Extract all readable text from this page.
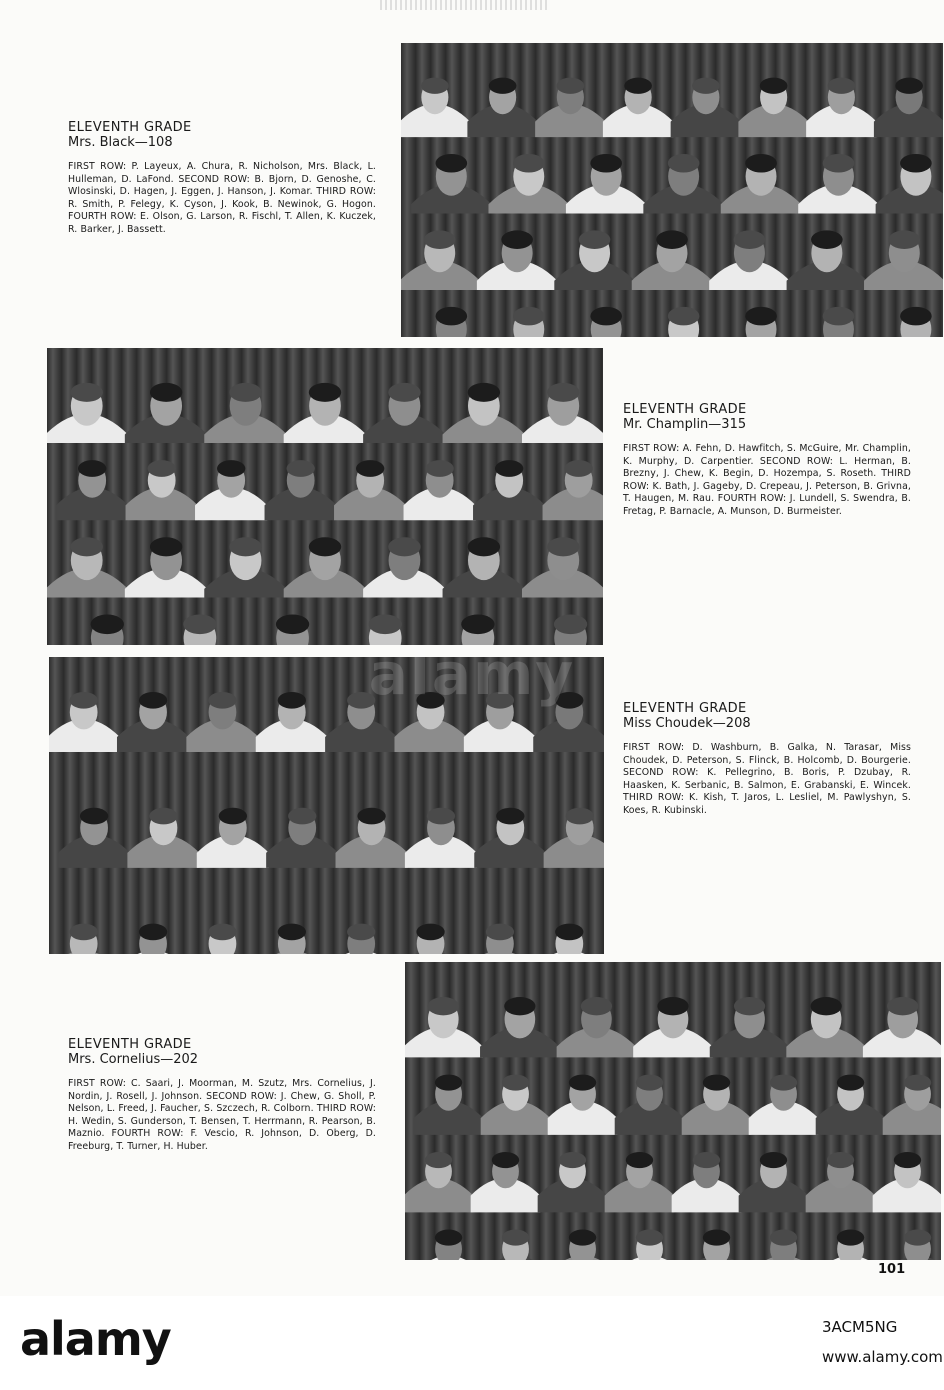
ELEVENTH GRADE
Mrs. Black—108
FIRST ROW: P. Layeux, A. Chura, R. Nicholson, Mrs. Black, L. Hulleman, D. LaFond. SECOND ROW: B. Bjorn, D. Genoshe, C. Wlosinski, D. Hagen, J. Eggen, J. Hanson, J. Komar. THIRD ROW: R. Smith, P. Felegy, K. Cyson, J. Kook, B. Newinok, G. Hogon. FOURTH ROW: E. Olson, G. Larson, R. Fischl, T. Allen, K. Kuczek, R. Barker, J. Bassett.
ELEVENTH GRADE
Mr. Champlin—315
FIRST ROW: A. Fehn, D. Hawfitch, S. McGuire, Mr. Champlin, K. Murphy, D. Carpentier. SECOND ROW: L. Herman, B. Brezny, J. Chew, K. Begin, D. Hozempa, S. Roseth. THIRD ROW: K. Bath, J. Gageby, D. Crepeau, J. Peterson, B. Grivna, T. Haugen, M. Rau. FOURTH ROW: J. Lundell, S. Swendra, B. Fretag, P. Barnacle, A. Munson, D. Burmeister.
ELEVENTH GRADE
Miss Choudek—208
FIRST ROW: D. Washburn, B. Galka, N. Tarasar, Miss Choudek, D. Peterson, S. Flinck, B. Holcomb, D. Bourgerie. SECOND ROW: K. Pellegrino, B. Boris, P. Dzubay, R. Haasken, K. Serbanic, B. Salmon, E. Grabanski, E. Wincek. THIRD ROW: K. Kish, T. Jaros, L. Lesliel, M. Pawlyshyn, S. Koes, R. Kubinski.
ELEVENTH GRADE
Mrs. Cornelius—202
FIRST ROW: C. Saari, J. Moorman, M. Szutz, Mrs. Cornelius, J. Nordin, J. Rosell, J. Johnson. SECOND ROW: J. Chew, G. Sholl, P. Nelson, L. Freed, J. Faucher, S. Szczech, R. Colborn. THIRD ROW: H. Wedin, S. Gunderson, T. Bensen, T. Herrmann, R. Pearson, B. Maznio. FOURTH ROW: F. Vescio, R. Johnson, D. Oberg, D. Freeburg, T. Turner, H. Huber.
101
alamy	3ACM5NG
www.alamy.com
